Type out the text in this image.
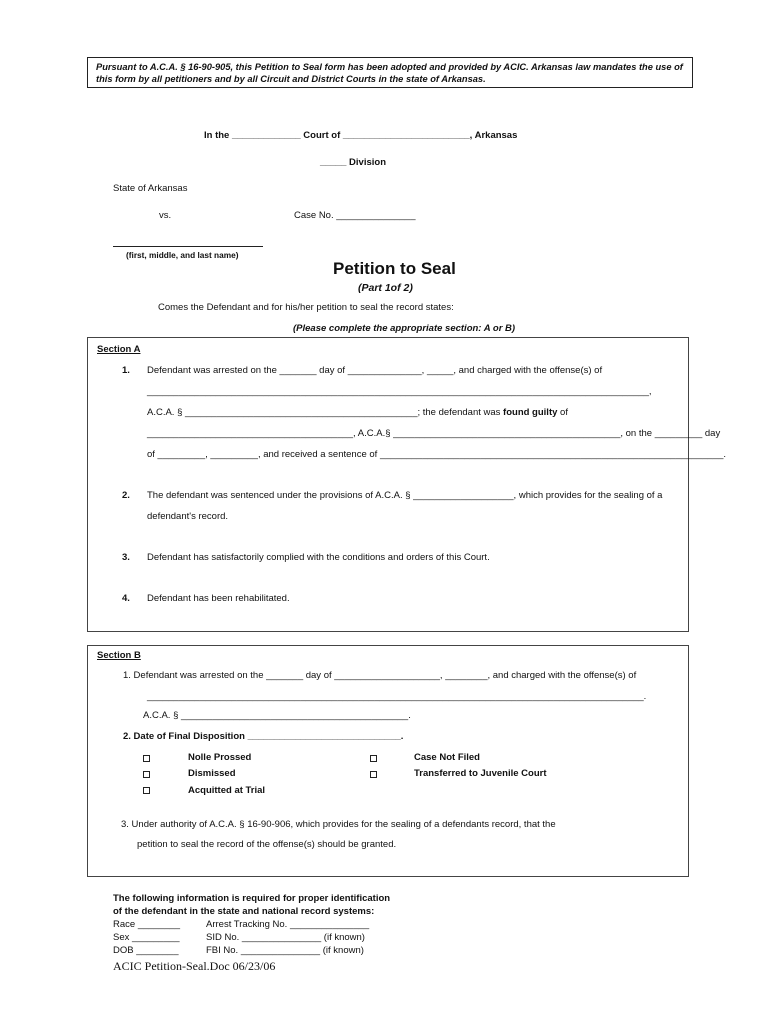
Pursuant to A.C.A. § 16-90-905, this Petition to Seal form has been adopted and provided by ACIC. Arkansas law mandates the use of this form by all petitioners and by all Circuit and District Courts in the state of Arkansas.
In the _____________ Court of ________________________, Arkansas
_____ Division
State of Arkansas
vs.	Case No. _______________
(first, middle, and last name)
Petition to Seal
(Part 1of 2)
Comes the Defendant and for his/her petition to seal the record states:
(Please complete the appropriate section: A or B)
Section A
1. Defendant was arrested on the _______ day of ______________, _____, and charged with the offense(s) of
_______________________________________________________________________________________________,
A.C.A. § ____________________________________________; the defendant was found guilty of
_______________________________________, A.C.A.§ ___________________________________________, on the _________ day
of _________, _________, and received a sentence of _________________________________________________________________.
2. The defendant was sentenced under the provisions of A.C.A. § ___________________, which provides for the sealing of a
defendant's record.
3. Defendant has satisfactorily complied with the conditions and orders of this Court.
4. Defendant has been rehabilitated.
Section B
1. Defendant was arrested on the _______ day of ____________________, ________, and charged with the offense(s) of
______________________________________________________________________________________________.
A.C.A. § ___________________________________________.
2. Date of Final Disposition _____________________________.
Nolle Prossed
Dismissed
Acquitted at Trial
Case Not Filed
Transferred to Juvenile Court
3. Under authority of A.C.A. § 16-90-906, which provides for the sealing of a defendants record, that the
petition to seal the record of the offense(s) should be granted.
The following information is required for proper identification
of the defendant in the state and national record systems:
Race ________
Sex _________
DOB ________
Arrest Tracking No. _______________
SID No. _______________ (if known)
FBI No. _______________ (if known)
ACIC Petition-Seal.Doc 06/23/06
